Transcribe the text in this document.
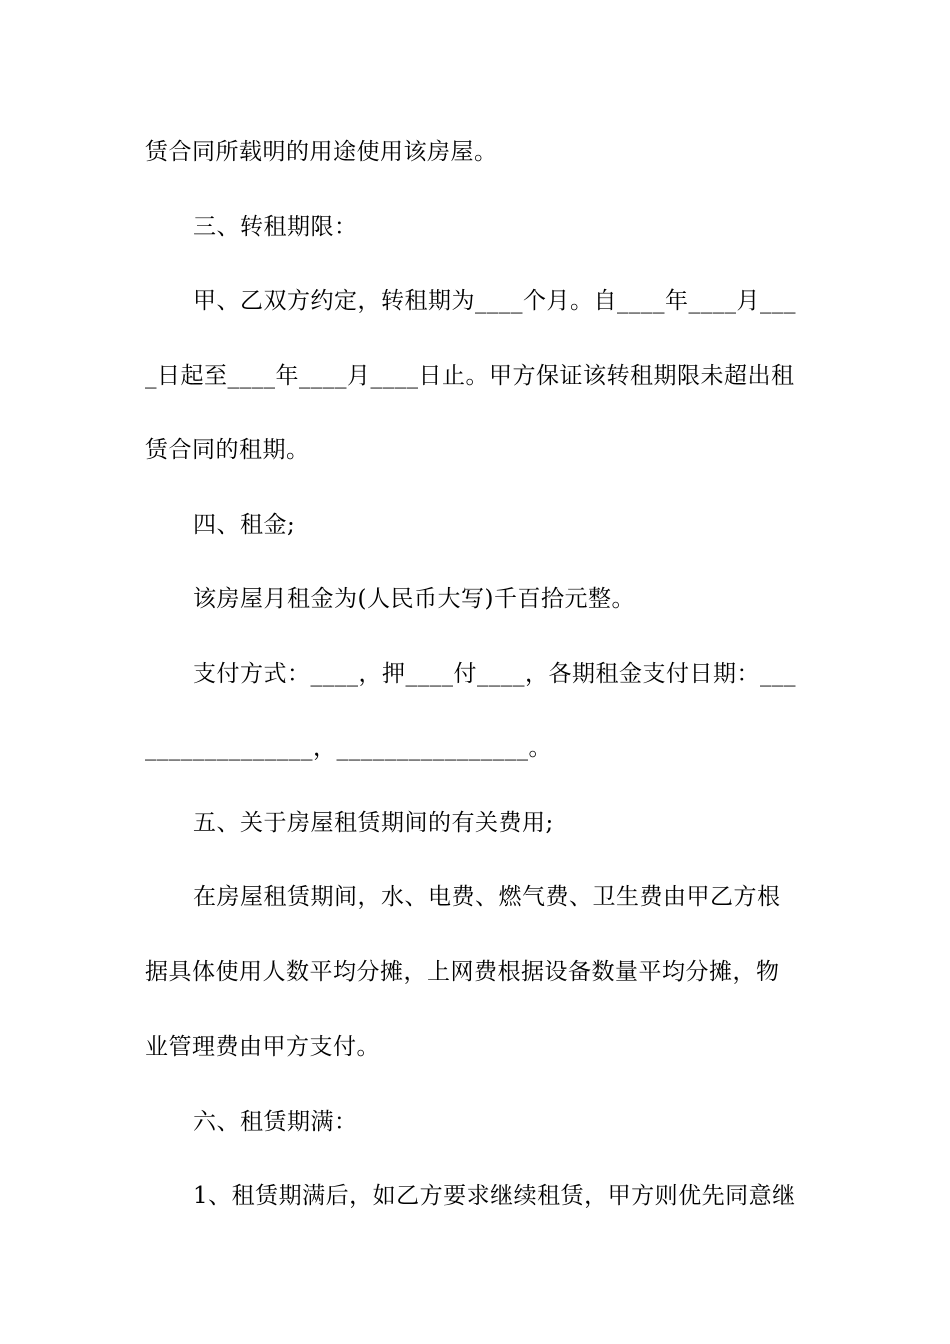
赁合同所载明的用途使用该房屋。
三、转租期限：
甲、乙双方约定，转租期为____个月。自____年____月___
_日起至____年____月____日止。甲方保证该转租期限未超出租
赁合同的租期。
四、租金;
该房屋月租金为(人民币大写)千百拾元整。
支付方式：____，押____付____，各期租金支付日期：___
______________，________________。
五、关于房屋租赁期间的有关费用;
在房屋租赁期间，水、电费、燃气费、卫生费由甲乙方根
据具体使用人数平均分摊，上网费根据设备数量平均分摊，物
业管理费由甲方支付。
六、租赁期满：
1、租赁期满后，如乙方要求继续租赁，甲方则优先同意继
